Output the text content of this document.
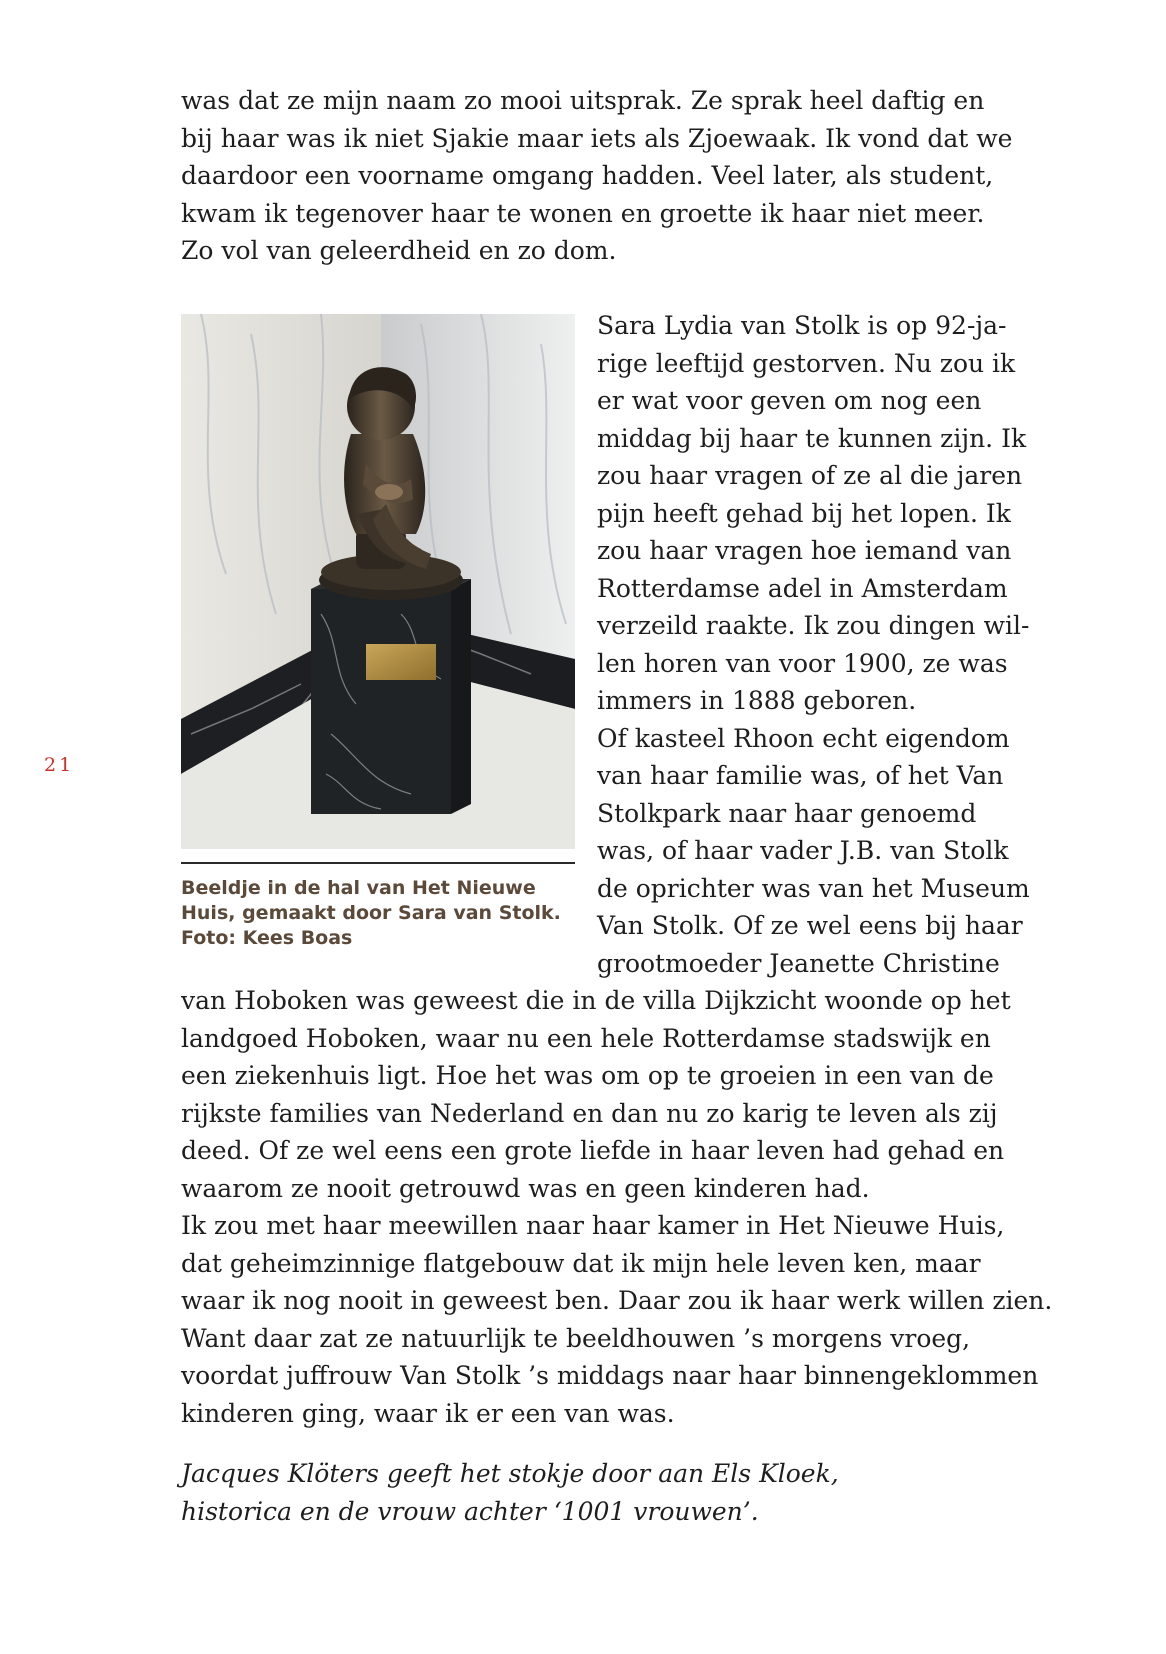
21

was dat ze mijn naam zo mooi uitsprak. Ze sprak heel daftig en
bij haar was ik niet Sjakie maar iets als Zjoewaak. Ik vond dat we
daardoor een voorname omgang hadden. Veel later, als student,
kwam ik tegenover haar te wonen en groette ik haar niet meer.
Zo vol van geleerdheid en zo dom.

Beeldje in de hal van Het Nieuwe
Huis, gemaakt door Sara van Stolk.
Foto: Kees Boas

Sara Lydia van Stolk is op 92-ja-
rige leeftijd gestorven. Nu zou ik
er wat voor geven om nog een
middag bij haar te kunnen zijn. Ik
zou haar vragen of ze al die jaren
pijn heeft gehad bij het lopen. Ik
zou haar vragen hoe iemand van
Rotterdamse adel in Amsterdam
verzeild raakte. Ik zou dingen wil-
len horen van voor 1900, ze was
immers in 1888 geboren.
Of kasteel Rhoon echt eigendom
van haar familie was, of het Van
Stolkpark naar haar genoemd
was, of haar vader J.B. van Stolk
de oprichter was van het Museum
Van Stolk. Of ze wel eens bij haar
grootmoeder Jeanette Christine

van Hoboken was geweest die in de villa Dijkzicht woonde op het
landgoed Hoboken, waar nu een hele Rotterdamse stadswijk en
een ziekenhuis ligt. Hoe het was om op te groeien in een van de
rijkste families van Nederland en dan nu zo karig te leven als zij
deed. Of ze wel eens een grote liefde in haar leven had gehad en
waarom ze nooit getrouwd was en geen kinderen had.
Ik zou met haar meewillen naar haar kamer in Het Nieuwe Huis,
dat geheimzinnige flatgebouw dat ik mijn hele leven ken, maar
waar ik nog nooit in geweest ben. Daar zou ik haar werk willen zien.
Want daar zat ze natuurlijk te beeldhouwen ’s morgens vroeg,
voordat juffrouw Van Stolk ’s middags naar haar binnengeklommen
kinderen ging, waar ik er een van was.

Jacques Klöters geeft het stokje door aan Els Kloek,
historica en de vrouw achter ‘1001 vrouwen’.
